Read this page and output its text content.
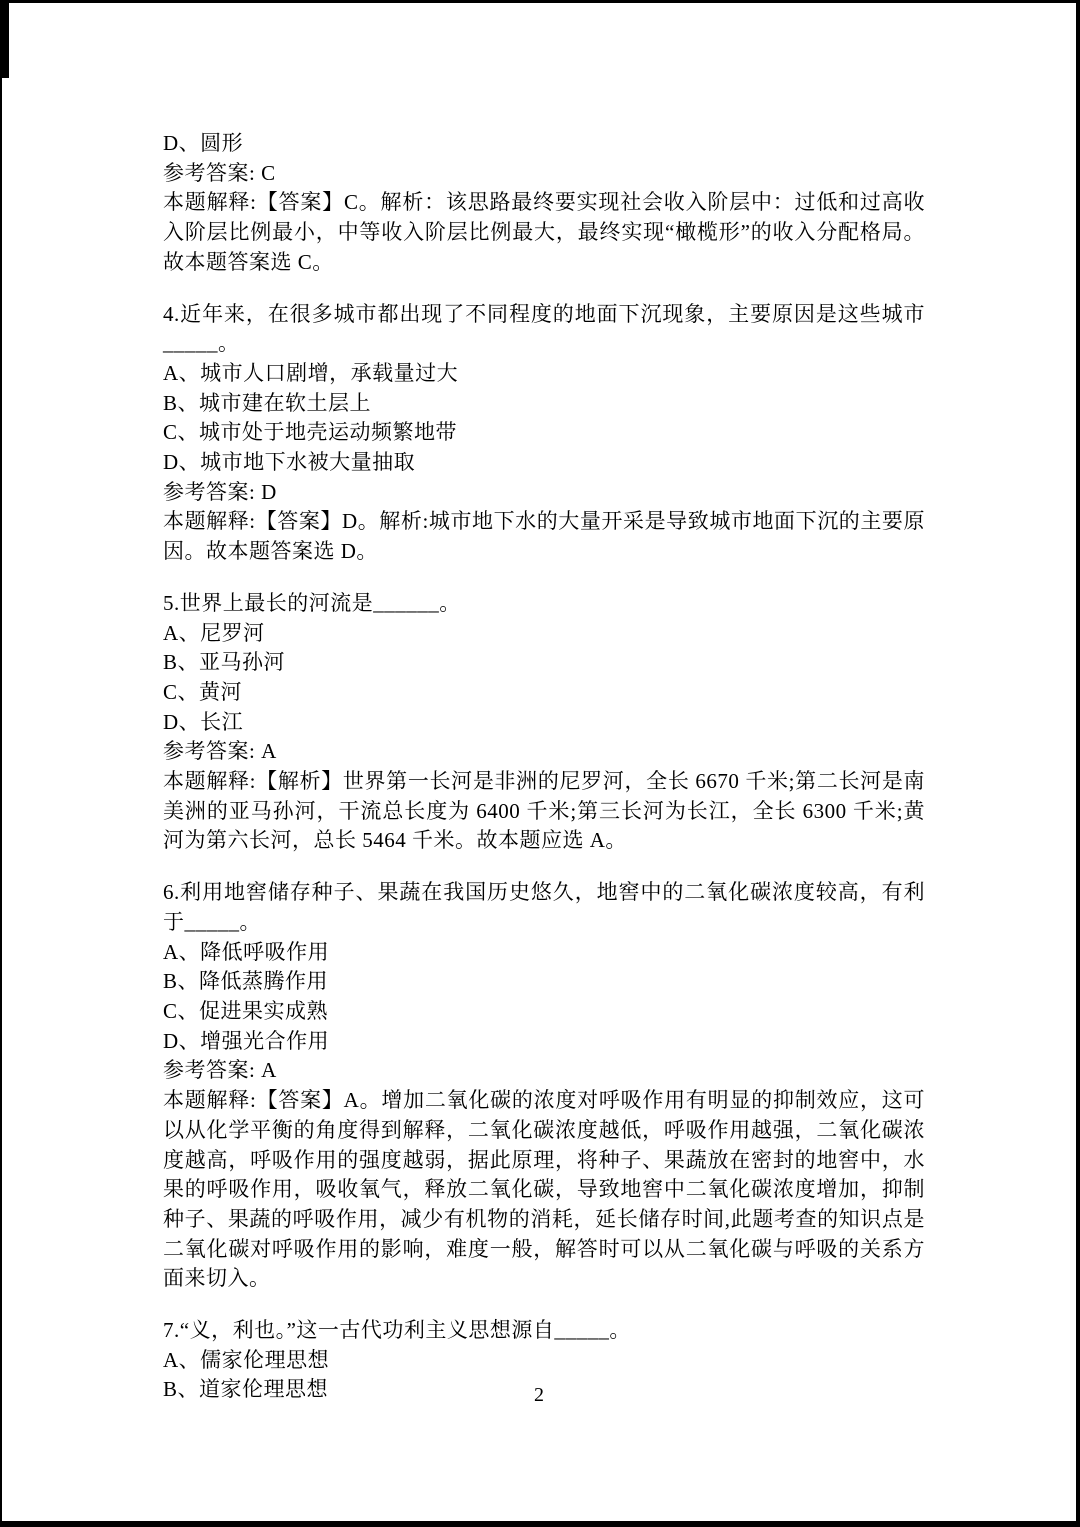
D、圆形

参考答案: C

本题解释:【答案】C。解析：该思路最终要实现社会收入阶层中：过低和过高收入阶层比例最小，中等收入阶层比例最大，最终实现“橄榄形”的收入分配格局。故本题答案选 C。

4.近年来，在很多城市都出现了不同程度的地面下沉现象，主要原因是这些城市_____。

A、城市人口剧增，承载量过大

B、城市建在软土层上

C、城市处于地壳运动频繁地带

D、城市地下水被大量抽取

参考答案: D

本题解释:【答案】D。解析:城市地下水的大量开采是导致城市地面下沉的主要原因。故本题答案选 D。

5.世界上最长的河流是______。

A、尼罗河

B、亚马孙河

C、黄河

D、长江

参考答案: A

本题解释:【解析】世界第一长河是非洲的尼罗河，全长 6670 千米;第二长河是南美洲的亚马孙河，干流总长度为 6400 千米;第三长河为长江，全长 6300 千米;黄河为第六长河，总长 5464 千米。故本题应选 A。

6.利用地窖储存种子、果蔬在我国历史悠久，地窖中的二氧化碳浓度较高，有利于_____。

A、降低呼吸作用

B、降低蒸腾作用

C、促进果实成熟

D、增强光合作用

参考答案: A

本题解释:【答案】A。增加二氧化碳的浓度对呼吸作用有明显的抑制效应，这可以从化学平衡的角度得到解释，二氧化碳浓度越低，呼吸作用越强，二氧化碳浓度越高，呼吸作用的强度越弱，据此原理，将种子、果蔬放在密封的地窖中，水果的呼吸作用，吸收氧气，释放二氧化碳，导致地窖中二氧化碳浓度增加，抑制种子、果蔬的呼吸作用，减少有机物的消耗，延长储存时间,此题考查的知识点是二氧化碳对呼吸作用的影响，难度一般，解答时可以从二氧化碳与呼吸的关系方面来切入。

7.“义，利也。”这一古代功利主义思想源自_____。

A、儒家伦理思想

B、道家伦理思想	2
